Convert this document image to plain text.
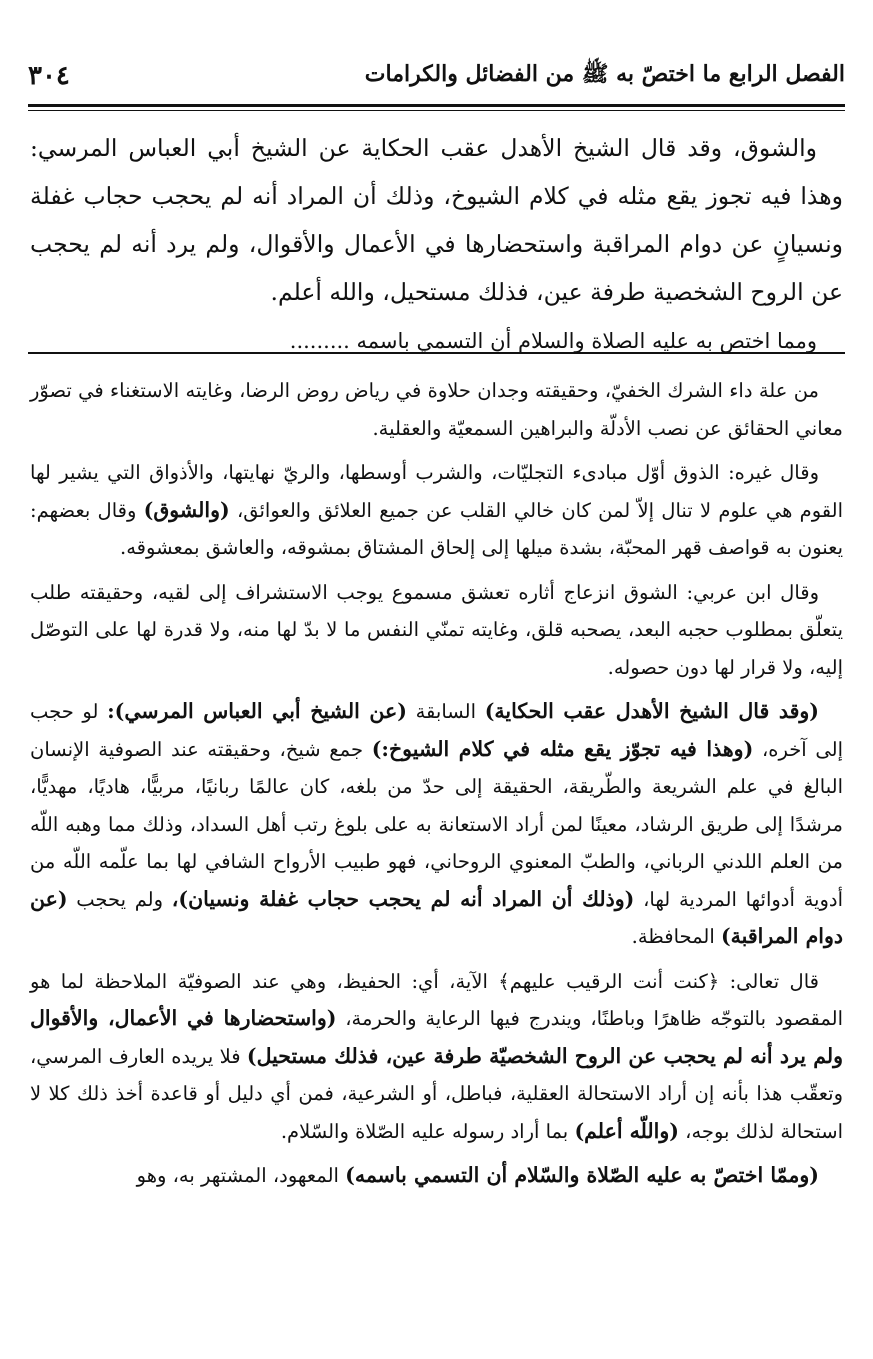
الفصل الرابع ما اختصّ به ﷺ من الفضائل والكرامات
٣٠٤

والشوق، وقد قال الشيخ الأهدل عقب الحكاية عن الشيخ أبي العباس المرسي: وهذا فيه تجوز يقع مثله في كلام الشيوخ، وذلك أن المراد أنه لم يحجب حجاب غفلة ونسيانٍ عن دوام المراقبة واستحضارها في الأعمال والأقوال، ولم يرد أنه لم يحجب عن الروح الشخصية طرفة عين، فذلك مستحيل، والله أعلم.

ومما اختص به عليه الصلاة والسلام أن التسمي باسمه .........

من علة داء الشرك الخفيّ، وحقيقته وجدان حلاوة في رياض روض الرضا، وغايته الاستغناء في تصوّر معاني الحقائق عن نصب الأدلّة والبراهين السمعيّة والعقلية.

وقال غيره: الذوق أوّل مبادىء التجليّات، والشرب أوسطها، والريّ نهايتها، والأذواق التي يشير لها القوم هي علوم لا تنال إلاّ لمن كان خالي القلب عن جميع العلائق والعوائق، (والشوق) وقال بعضهم: يعنون به قواصف قهر المحبّة، بشدة ميلها إلى إلحاق المشتاق بمشوقه، والعاشق بمعشوقه.

وقال ابن عربي: الشوق انزعاج أثاره تعشق مسموع يوجب الاستشراف إلى لقيه، وحقيقته طلب يتعلّق بمطلوب حجبه البعد، يصحبه قلق، وغايته تمنّي النفس ما لا بدّ لها منه، ولا قدرة لها على التوصّل إليه، ولا قرار لها دون حصوله.

(وقد قال الشيخ الأهدل عقب الحكاية) السابقة (عن الشيخ أبي العباس المرسي): لو حجب إلى آخره، (وهذا فيه تجوّز يقع مثله في كلام الشيوخ:) جمع شيخ، وحقيقته عند الصوفية الإنسان البالغ في علم الشريعة والطّريقة، الحقيقة إلى حدّ من بلغه، كان عالمًا ربانيًا، مربيًّا، هاديًا، مهديًّا، مرشدًا إلى طريق الرشاد، معينًا لمن أراد الاستعانة به على بلوغ رتب أهل السداد، وذلك مما وهبه اللّه من العلم اللدني الرباني، والطبّ المعنوي الروحاني، فهو طبيب الأرواح الشافي لها بما علّمه اللّه من أدوية أدوائها المردية لها، (وذلك أن المراد أنه لم يحجب حجاب غفلة ونسيان)، ولم يحجب (عن دوام المراقبة) المحافظة.

قال تعالى: ﴿كنت أنت الرقيب عليهم﴾ الآية، أي: الحفيظ، وهي عند الصوفيّة الملاحظة لما هو المقصود بالتوجّه ظاهرًا وباطنًا، ويندرج فيها الرعاية والحرمة، (واستحضارها في الأعمال، والأقوال ولم يرد أنه لم يحجب عن الروح الشخصيّة طرفة عين، فذلك مستحيل) فلا يريده العارف المرسي، وتعقّب هذا بأنه إن أراد الاستحالة العقلية، فباطل، أو الشرعية، فمن أي دليل أو قاعدة أخذ ذلك كلا لا استحالة لذلك بوجه، (واللّه أعلم) بما أراد رسوله عليه الصّلاة والسّلام.

(وممّا اختصّ به عليه الصّلاة والسّلام أن التسمي باسمه) المعهود، المشتهر به، وهو
